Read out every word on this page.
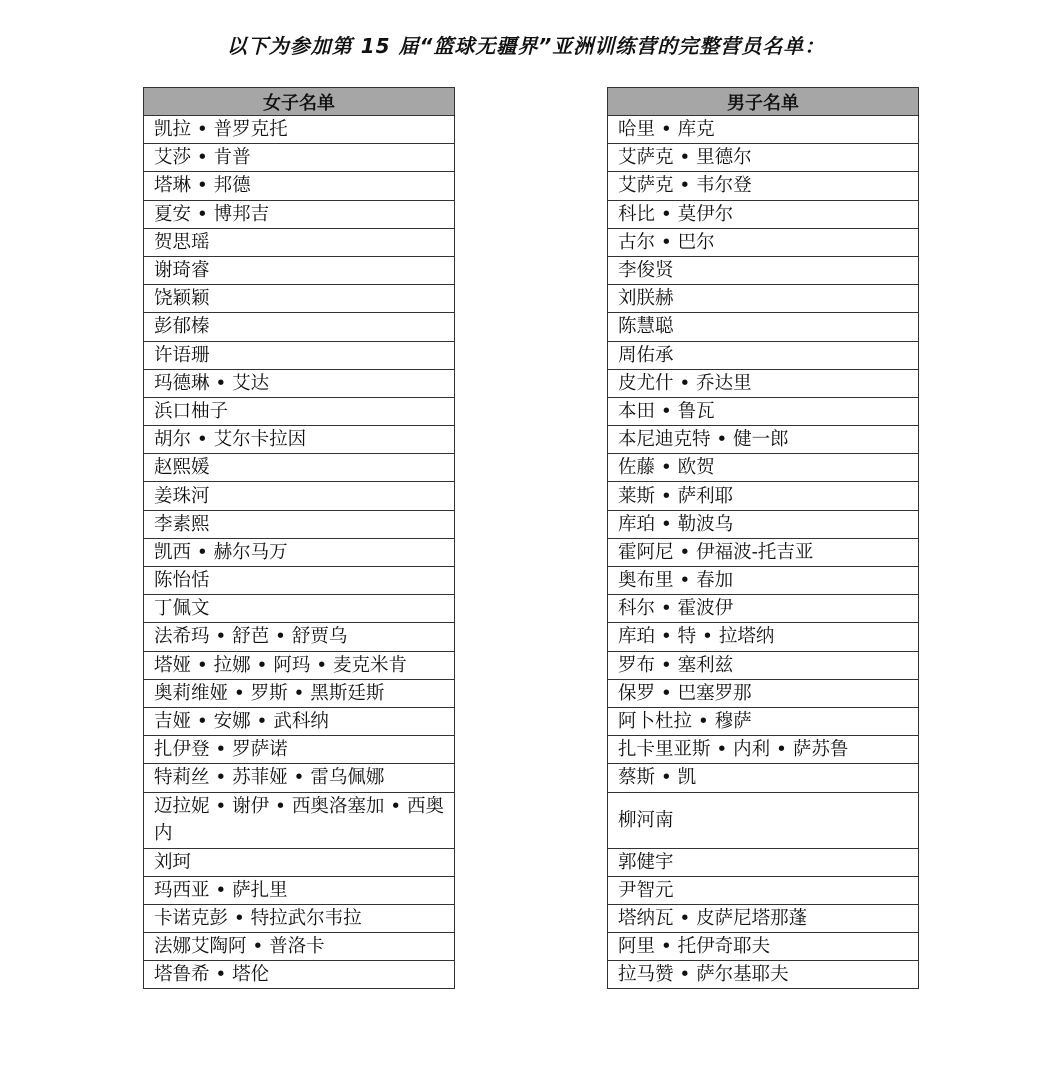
以下为参加第 15 届“篮球无疆界”亚洲训练营的完整营员名单：
女子名单
凯拉 • 普罗克托
艾莎 • 肯普
塔琳 • 邦德
夏安 • 博邦吉
贺思瑶
谢琦睿
饶颖颖
彭郁榛
许语珊
玛德琳 • 艾达
浜口柚子
胡尔 • 艾尔卡拉因
赵熙媛
姜珠河
李素熙
凯西 • 赫尔马万
陈怡恬
丁佩文
法希玛 • 舒芭 • 舒贾乌
塔娅 • 拉娜 • 阿玛 • 麦克米肯
奥莉维娅 • 罗斯 • 黑斯廷斯
吉娅 • 安娜 • 武科纳
扎伊登 • 罗萨诺
特莉丝 • 苏菲娅 • 雷乌佩娜
迈拉妮 • 谢伊 • 西奥洛塞加 • 西奥内
刘珂
玛西亚 • 萨扎里
卡诺克彭 • 特拉武尔韦拉
法娜艾陶阿 • 普洛卡
塔鲁希 • 塔伦
男子名单
哈里 • 库克
艾萨克 • 里德尔
艾萨克 • 韦尔登
科比 • 莫伊尔
古尔 • 巴尔
李俊贤
刘朕赫
陈慧聪
周佑承
皮尤什 • 乔达里
本田 • 鲁瓦
本尼迪克特 • 健一郎
佐藤 • 欧贺
莱斯 • 萨利耶
库珀 • 勒波乌
霍阿尼 • 伊福波-托吉亚
奥布里 • 春加
科尔 • 霍波伊
库珀 • 特 • 拉塔纳
罗布 • 塞利兹
保罗 • 巴塞罗那
阿卜杜拉 • 穆萨
扎卡里亚斯 • 内利 • 萨苏鲁
蔡斯 • 凯
柳河南
郭健宇
尹智元
塔纳瓦 • 皮萨尼塔那蓬
阿里 • 托伊奇耶夫
拉马赞 • 萨尔基耶夫
